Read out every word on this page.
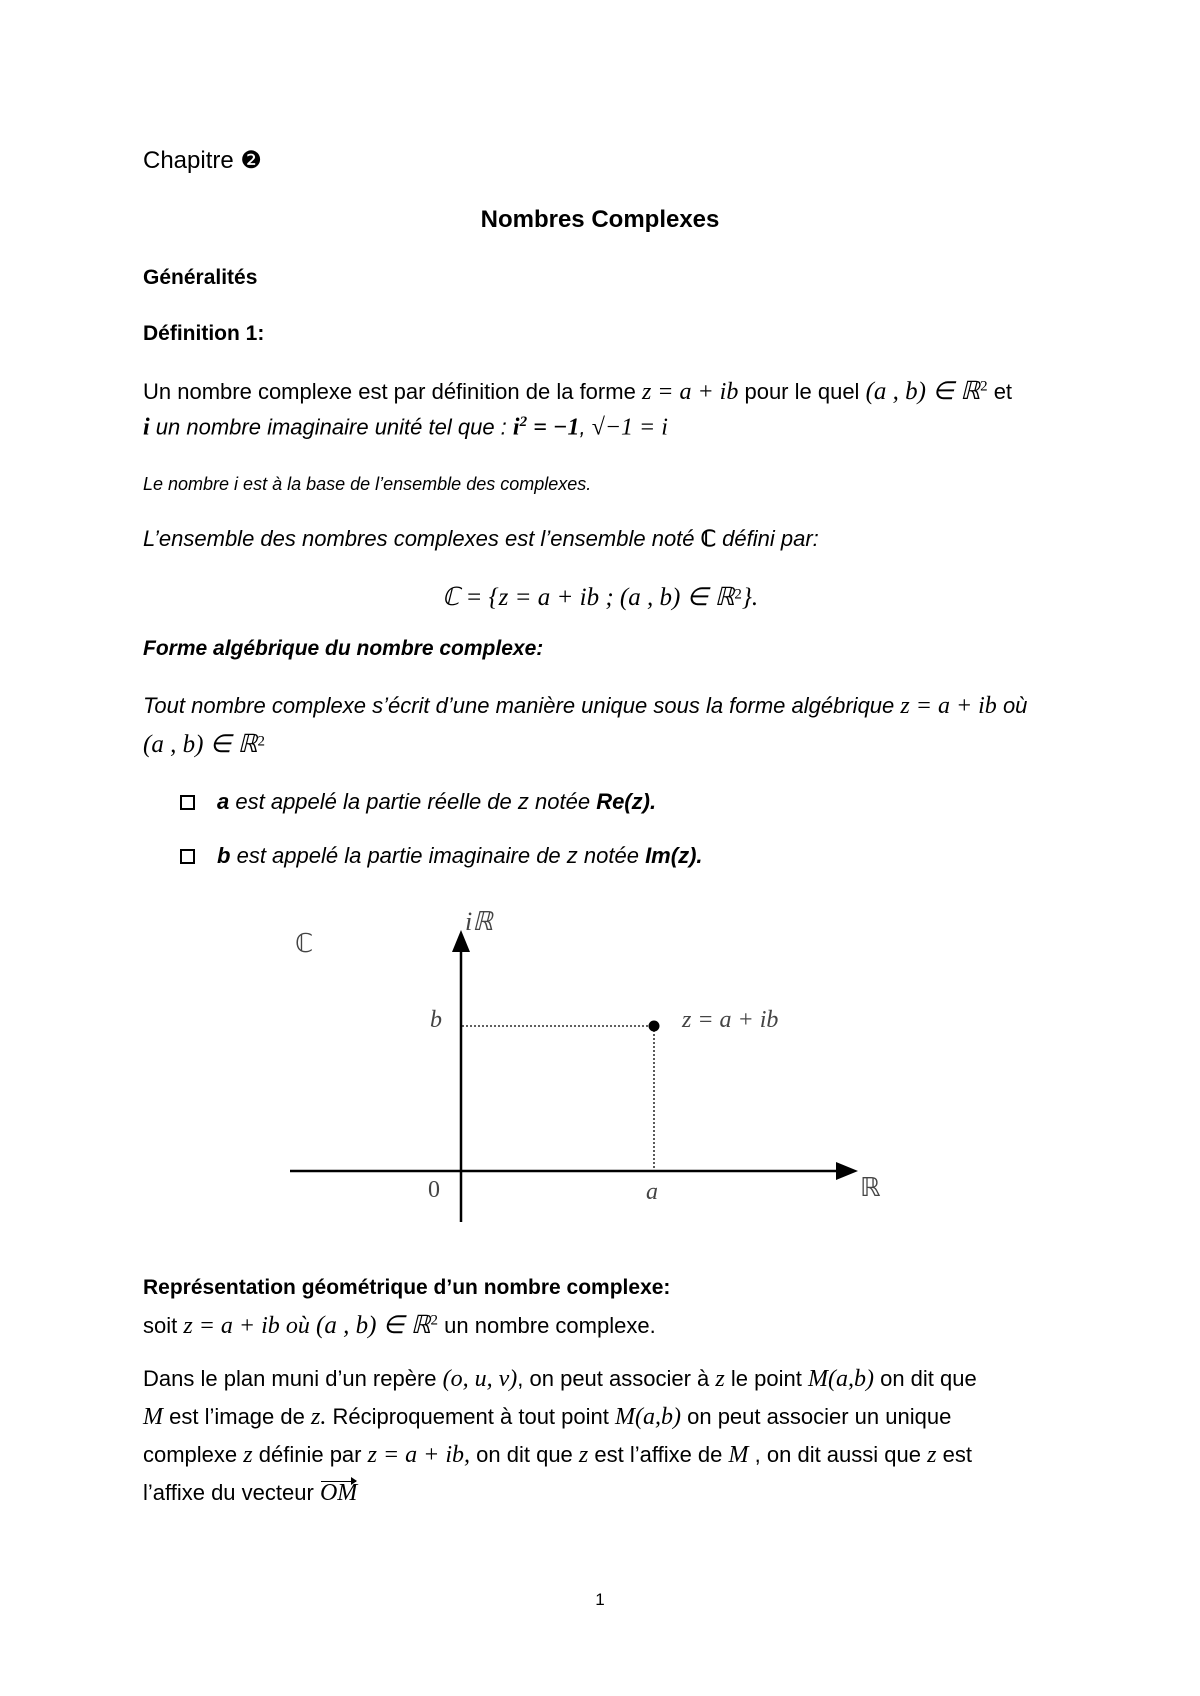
Chapitre ❷
Nombres Complexes
Généralités
Définition 1:
Un nombre complexe est par définition de la forme z = a + ib pour le quel (a , b) ∈ ℝ$^2$ et
i un nombre imaginaire unité tel que : $i^2 = -1$, √−1 = i
Le nombre i est à la base de l’ensemble des complexes.
L’ensemble des nombres complexes est l’ensemble noté ℂ défini par:
ℂ = {z = a + ib ; (a , b) ∈ ℝ$^2$}.
Forme algébrique du nombre complexe:
Tout nombre complexe s’écrit d’une manière unique sous la forme algébrique z = a + ib où
(a , b) ∈ ℝ$^2$
a est appelé la partie réelle de z notée Re(z).
b est appelé la partie imaginaire de z notée Im(z).
ℂ
iℝ
ℝ
0
b
a
z = a + ib
Représentation géométrique d’un nombre complexe:
soit z = a + ib où (a , b) ∈ ℝ$^2$ un nombre complexe.
Dans le plan muni d’un repère (o, u, v), on peut associer à z le point M(a,b) on dit que
M est l’image de z. Réciproquement à tout point M(a,b) on peut associer un unique
complexe z définie par z = a + ib, on dit que z est l’affixe de M , on dit aussi que z est
l’affixe du vecteur OM
1
